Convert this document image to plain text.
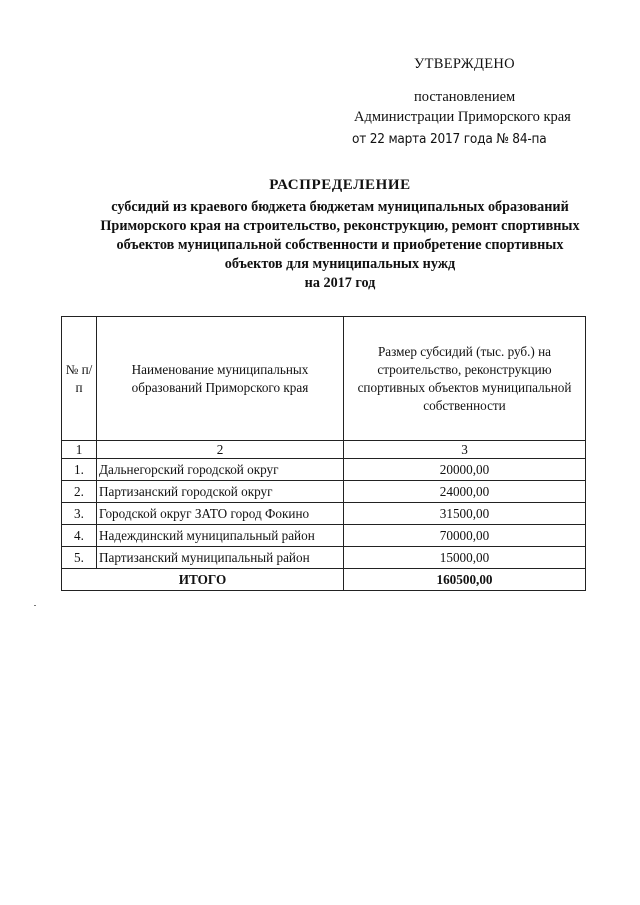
УТВЕРЖДЕНО
постановлением
Администрации Приморского края
от 22 марта 2017 года № 84-па
РАСПРЕДЕЛЕНИЕ
субсидий из краевого бюджета бюджетам муниципальных образований
Приморского края на строительство, реконструкцию, ремонт спортивных
объектов муниципальной собственности и приобретение спортивных
объектов для муниципальных нужд
на 2017 год
№ п/п	Наименование муниципальных образований Приморского края	Размер субсидий (тыс. руб.) на строительство, реконструкцию спортивных объектов муниципальной собственности
1	2	3
1.	Дальнегорский городской округ	20000,00
2.	Партизанский городской округ	24000,00
3.	Городской округ ЗАТО город Фокино	31500,00
4.	Надеждинский муниципальный район	70000,00
5.	Партизанский муниципальный район	15000,00
ИТОГО		160500,00
